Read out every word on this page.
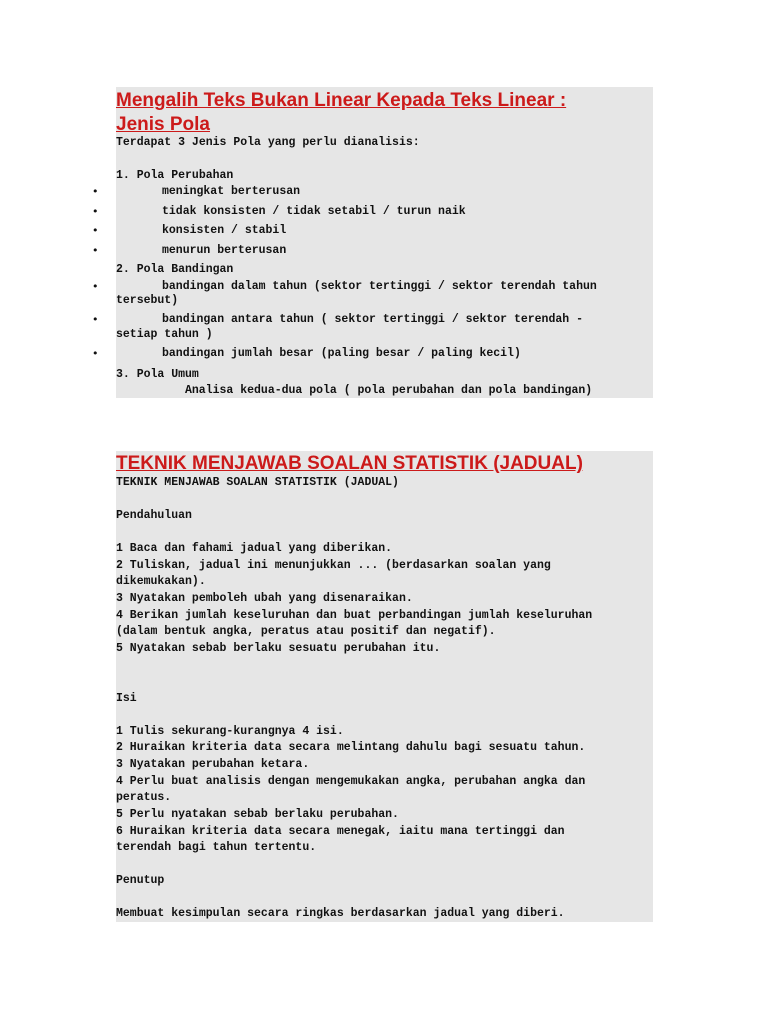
Mengalih Teks Bukan Linear Kepada Teks Linear :
Jenis Pola
Terdapat 3 Jenis Pola yang perlu dianalisis:
1. Pola Perubahan
•	meningkat berterusan
•	tidak konsisten / tidak setabil / turun naik
•	konsisten / stabil
•	menurun berterusan
2. Pola Bandingan
•	bandingan dalam tahun (sektor tertinggi / sektor terendah tahun
tersebut)
•	bandingan antara tahun ( sektor tertinggi / sektor terendah -
setiap tahun )
•	bandingan jumlah besar (paling besar / paling kecil)
3. Pola Umum
Analisa kedua-dua pola ( pola perubahan dan pola bandingan)
TEKNIK MENJAWAB SOALAN STATISTIK (JADUAL)
TEKNIK MENJAWAB SOALAN STATISTIK (JADUAL)
Pendahuluan
1 Baca dan fahami jadual yang diberikan.
2 Tuliskan, jadual ini menunjukkan ... (berdasarkan soalan yang
dikemukakan).
3 Nyatakan pemboleh ubah yang disenaraikan.
4 Berikan jumlah keseluruhan dan buat perbandingan jumlah keseluruhan
(dalam bentuk angka, peratus atau positif dan negatif).
5 Nyatakan sebab berlaku sesuatu perubahan itu.
Isi
1 Tulis sekurang-kurangnya 4 isi.
2 Huraikan kriteria data secara melintang dahulu bagi sesuatu tahun.
3 Nyatakan perubahan ketara.
4 Perlu buat analisis dengan mengemukakan angka, perubahan angka dan
peratus.
5 Perlu nyatakan sebab berlaku perubahan.
6 Huraikan kriteria data secara menegak, iaitu mana tertinggi dan
terendah bagi tahun tertentu.
Penutup
Membuat kesimpulan secara ringkas berdasarkan jadual yang diberi.
